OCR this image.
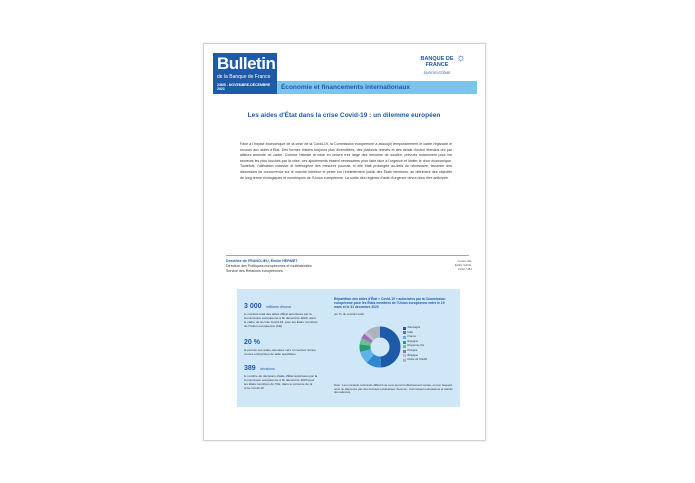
Bulletin
de la Banque de France
238/5 - NOVEMBRE-DÉCEMBRE 2021	Économie et financements internationaux
☼
BANQUE DE FRANCE
EUROSYSTÈME
Les aides d'État dans la crise Covid-19 : un dilemme européen

Face à l'impact économique de la crise de la Covid-19, la Commission européenne a assoupli temporairement le cadre régissant le recours aux aides d'État. Des formes d'aides toujours plus diversifiées, des plafonds relevés et des délais d'octroi étendus ont par ailleurs amendé ce cadre. Comme l'atteste la mise en œuvre très large des mesures de soutien, prévues notamment pour les secteurs les plus touchés par la crise, ces ajustements étaient nécessaires pour faire face à l'urgence et limiter le choc économique. Toutefois, l'utilisation massive et hétérogène des mesures pourrait, si elle était prolongée au-delà du nécessaire, favoriser des distorsions de concurrence sur le marché intérieur et peser sur l'endettement public des États membres, au détriment des objectifs de long terme écologiques et numériques de l'Union européenne. La sortie des régimes d'aide d'urgence devra donc être anticipée.

Dorothée de FRANCLIEU, Émilie HERMET
Direction des Politiques européennes et multilatérales
Service des Relations européennes
Codes JEL
E220, E23G,
F312, H81
3 000 milliards d'euros
le montant total des aides d'État autorisées par la Commission européenne à fin décembre 2020, dans le cadre de la crise Covid-19, pour les États membres de l'Union européenne (UE)
20 %
la part de ces aides orientées vers un secteur donné ou des entreprises de taille spécifique
389 décisions
le nombre de décisions d'aide d'État autorisées par la Commission européenne à fin décembre 2020 pour les États membres de l'UE, dans le contexte de la crise Covid-19
Répartition des aides d'État « Covid-19 » autorisées par la Commission européenne pour les États membres de l'Union européenne entre le 19 mars et le 31 décembre 2020
(en %, du montant total)
Allemagne
Italie
France
Espagne
Royaume-Uni
Pologne
Belgique
Reste de l'UE28

Note : Les montants notionnels diffèrent de ceux qui sont effectivement versés, et pour lesquels nous ne disposons pas des données exhaustives. Sources : Commission européenne et calculs des auteures.
